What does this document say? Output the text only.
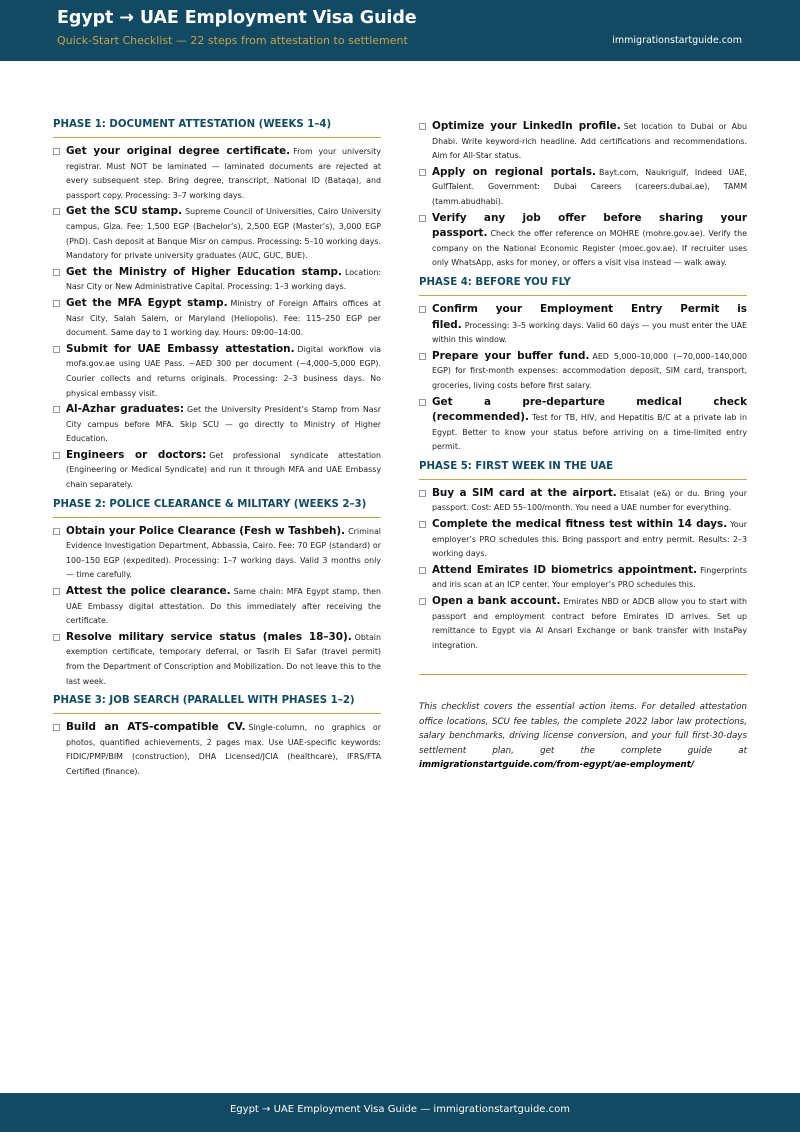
Egypt → UAE Employment Visa Guide
Quick-Start Checklist — 22 steps from attestation to settlement	immigrationstartguide.com
PHASE 1: DOCUMENT ATTESTATION (WEEKS 1–4)
Get your original degree certificate. From your university registrar. Must NOT be laminated — laminated documents are rejected at every subsequent step. Bring degree, transcript, National ID (Bataqa), and passport copy. Processing: 3–7 working days.
Get the SCU stamp. Supreme Council of Universities, Cairo University campus, Giza. Fee: 1,500 EGP (Bachelor’s), 2,500 EGP (Master’s), 3,000 EGP (PhD). Cash deposit at Banque Misr on campus. Processing: 5–10 working days. Mandatory for private university graduates (AUC, GUC, BUE).
Get the Ministry of Higher Education stamp. Location: Nasr City or New Administrative Capital. Processing: 1–3 working days.
Get the MFA Egypt stamp. Ministry of Foreign Affairs offices at Nasr City, Salah Salem, or Maryland (Heliopolis). Fee: 115–250 EGP per document. Same day to 1 working day. Hours: 09:00–14:00.
Submit for UAE Embassy attestation. Digital workflow via mofa.gov.ae using UAE Pass. ~AED 300 per document (~4,000–5,000 EGP). Courier collects and returns originals. Processing: 2–3 business days. No physical embassy visit.
Al-Azhar graduates: Get the University President’s Stamp from Nasr City campus before MFA. Skip SCU — go directly to Ministry of Higher Education.
Engineers or doctors: Get professional syndicate attestation (Engineering or Medical Syndicate) and run it through MFA and UAE Embassy chain separately.
PHASE 2: POLICE CLEARANCE & MILITARY (WEEKS 2–3)
Obtain your Police Clearance (Fesh w Tashbeh). Criminal Evidence Investigation Department, Abbassia, Cairo. Fee: 70 EGP (standard) or 100–150 EGP (expedited). Processing: 1–7 working days. Valid 3 months only — time carefully.
Attest the police clearance. Same chain: MFA Egypt stamp, then UAE Embassy digital attestation. Do this immediately after receiving the certificate.
Resolve military service status (males 18–30). Obtain exemption certificate, temporary deferral, or Tasrih El Safar (travel permit) from the Department of Conscription and Mobilization. Do not leave this to the last week.
PHASE 3: JOB SEARCH (PARALLEL WITH PHASES 1–2)
Build an ATS-compatible CV. Single-column, no graphics or photos, quantified achievements, 2 pages max. Use UAE-specific keywords: FIDIC/PMP/BIM (construction), DHA Licensed/JCIA (healthcare), IFRS/FTA Certified (finance).
Optimize your LinkedIn profile. Set location to Dubai or Abu Dhabi. Write keyword-rich headline. Add certifications and recommendations. Aim for All-Star status.
Apply on regional portals. Bayt.com, Naukrigulf, Indeed UAE, GulfTalent. Government: Dubai Careers (careers.dubai.ae), TAMM (tamm.abudhabi).
Verify any job offer before sharing your passport. Check the offer reference on MOHRE (mohre.gov.ae). Verify the company on the National Economic Register (moec.gov.ae). If recruiter uses only WhatsApp, asks for money, or offers a visit visa instead — walk away.
PHASE 4: BEFORE YOU FLY
Confirm your Employment Entry Permit is filed. Processing: 3–5 working days. Valid 60 days — you must enter the UAE within this window.
Prepare your buffer fund. AED 5,000–10,000 (~70,000–140,000 EGP) for first-month expenses: accommodation deposit, SIM card, transport, groceries, living costs before first salary.
Get a pre-departure medical check (recommended). Test for TB, HIV, and Hepatitis B/C at a private lab in Egypt. Better to know your status before arriving on a time-limited entry permit.
PHASE 5: FIRST WEEK IN THE UAE
Buy a SIM card at the airport. Etisalat (e&) or du. Bring your passport. Cost: AED 55–100/month. You need a UAE number for everything.
Complete the medical fitness test within 14 days. Your employer’s PRO schedules this. Bring passport and entry permit. Results: 2–3 working days.
Attend Emirates ID biometrics appointment. Fingerprints and iris scan at an ICP center. Your employer’s PRO schedules this.
Open a bank account. Emirates NBD or ADCB allow you to start with passport and employment contract before Emirates ID arrives. Set up remittance to Egypt via Al Ansari Exchange or bank transfer with InstaPay integration.
This checklist covers the essential action items. For detailed attestation office locations, SCU fee tables, the complete 2022 labor law protections, salary benchmarks, driving license conversion, and your full first-30-days settlement plan, get the complete guide at immigrationstartguide.com/from-egypt/ae-employment/
Egypt → UAE Employment Visa Guide — immigrationstartguide.com
